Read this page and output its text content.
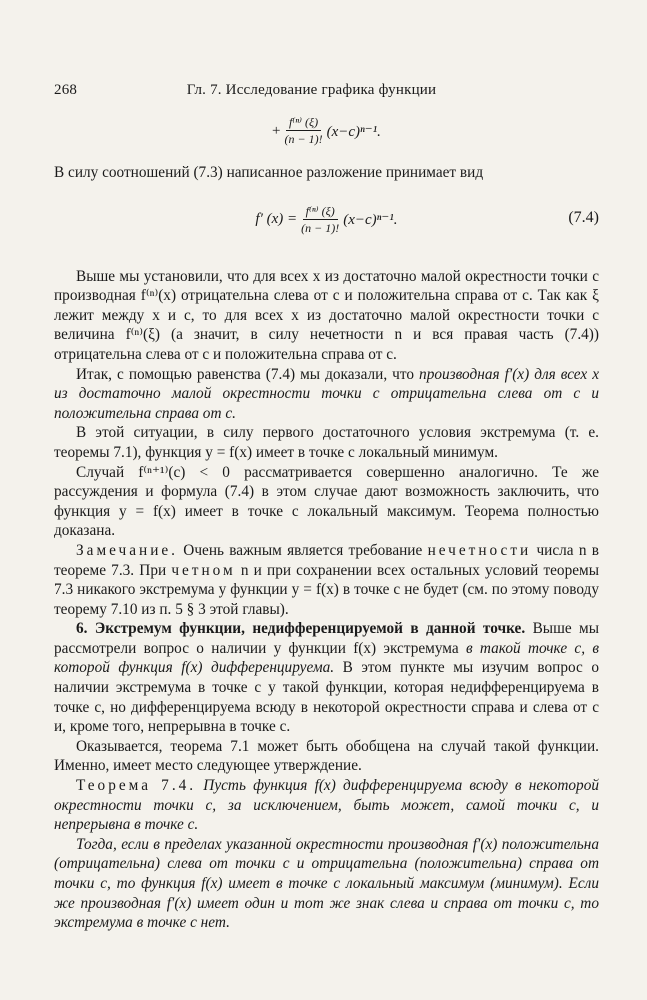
268	Гл. 7. Исследование графика функции
+ $\frac{\text{f⁽ⁿ⁾ (ξ)}}{(n - 1)!} (x-c)^{n-1}$.

В силу соотношений (7.3) написанное разложение принимает вид

f′ $(x) = \frac{\text{f⁽ⁿ⁾ (ξ)}}{(n - 1)!} (x-c)^{n-1}$.	(7.4)

Выше мы установили, что для всех x из достаточно малой окрестности точки c производная f⁽ⁿ⁾(x) отрицательна слева от c и положительна справа от c. Так как ξ лежит между x и c, то для всех x из достаточно малой окрестности точки c величина f⁽ⁿ⁾(ξ) (а значит, в силу нечетности n и вся правая часть (7.4)) отрицательна слева от c и положительна справа от c.

Итак, с помощью равенства (7.4) мы доказали, что производная f′(x) для всех x из достаточно малой окрестности точки c отрицательна слева от c и положительна справа от c.

В этой ситуации, в силу первого достаточного условия экстремума (т. е. теоремы 7.1), функция y = f(x) имеет в точке c локальный минимум.

Случай f⁽ⁿ⁺¹⁾(c) < 0 рассматривается совершенно аналогично. Те же рассуждения и формула (7.4) в этом случае дают возможность заключить, что функция y = f(x) имеет в точке c локальный максимум. Теорема полностью доказана.

Замечание. Очень важным является требование нечетности числа n в теореме 7.3. При четном n и при сохранении всех остальных условий теоремы 7.3 никакого экстремума у функции y = f(x) в точке c не будет (см. по этому поводу теорему 7.10 из п. 5 § 3 этой главы).

6. Экстремум функции, недифференцируемой в данной точке. Выше мы рассмотрели вопрос о наличии у функции f(x) экстремума в такой точке c, в которой функция f(x) дифференцируема. В этом пункте мы изучим вопрос о наличии экстремума в точке c у такой функции, которая недифференцируема в точке c, но дифференцируема всюду в некоторой окрестности справа и слева от c и, кроме того, непрерывна в точке c.

Оказывается, теорема 7.1 может быть обобщена на случай такой функции. Именно, имеет место следующее утверждение.

Теорема 7.4. Пусть функция f(x) дифференцируема всюду в некоторой окрестности точки c, за исключением, быть может, самой точки c, и непрерывна в точке c.

Тогда, если в пределах указанной окрестности производная f′(x) положительна (отрицательна) слева от точки c и отрицательна (положительна) справа от точки c, то функция f(x) имеет в точке c локальный максимум (минимум). Если же производная f′(x) имеет один и тот же знак слева и справа от точки c, то экстремума в точке c нет.
